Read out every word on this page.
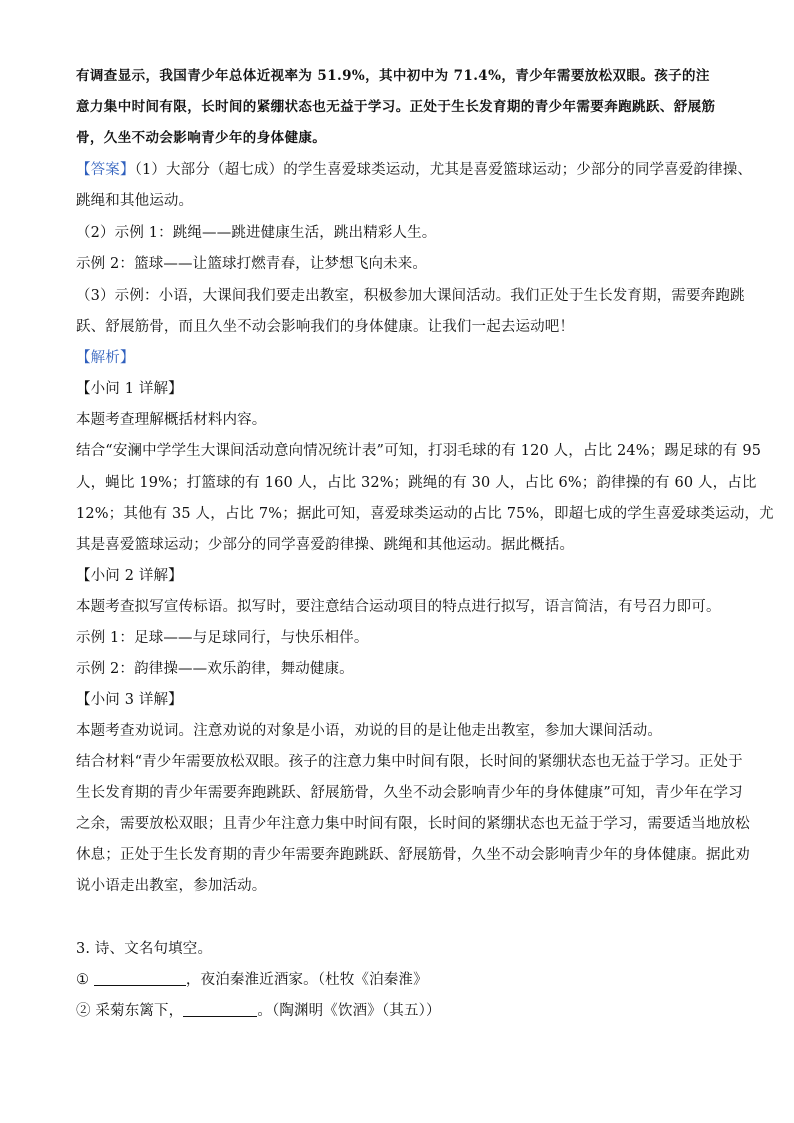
有调查显示，我国青少年总体近视率为 51.9%，其中初中为 71.4%，青少年需要放松双眼。孩子的注
意力集中时间有限，长时间的紧绷状态也无益于学习。正处于生长发育期的青少年需要奔跑跳跃、舒展筋
骨，久坐不动会影响青少年的身体健康。
【答案】（1）大部分（超七成）的学生喜爱球类运动，尤其是喜爱篮球运动；少部分的同学喜爱韵律操、
跳绳和其他运动。
（2）示例 1：跳绳——跳进健康生活，跳出精彩人生。
示例 2：篮球——让篮球打燃青春，让梦想飞向未来。
（3）示例：小语，大课间我们要走出教室，积极参加大课间活动。我们正处于生长发育期，需要奔跑跳
跃、舒展筋骨，而且久坐不动会影响我们的身体健康。让我们一起去运动吧！
【解析】
【小问 1 详解】
本题考查理解概括材料内容。
结合“安澜中学学生大课间活动意向情况统计表”可知，打羽毛球的有 120 人，占比 24%；踢足球的有 95
人，蝇比 19%；打篮球的有 160 人，占比 32%；跳绳的有 30 人，占比 6%；韵律操的有 60 人，占比
12%；其他有 35 人，占比 7%；据此可知，喜爱球类运动的占比 75%，即超七成的学生喜爱球类运动，尤
其是喜爱篮球运动；少部分的同学喜爱韵律操、跳绳和其他运动。据此概括。
【小问 2 详解】
本题考查拟写宣传标语。拟写时，要注意结合运动项目的特点进行拟写，语言简洁，有号召力即可。
示例 1：足球——与足球同行，与快乐相伴。
示例 2：韵律操——欢乐韵律，舞动健康。
【小问 3 详解】
本题考查劝说词。注意劝说的对象是小语，劝说的目的是让他走出教室，参加大课间活动。
结合材料“青少年需要放松双眼。孩子的注意力集中时间有限，长时间的紧绷状态也无益于学习。正处于
生长发育期的青少年需要奔跑跳跃、舒展筋骨，久坐不动会影响青少年的身体健康”可知，青少年在学习
之余，需要放松双眼；且青少年注意力集中时间有限，长时间的紧绷状态也无益于学习，需要适当地放松
休息；正处于生长发育期的青少年需要奔跑跳跃、舒展筋骨，久坐不动会影响青少年的身体健康。据此劝
说小语走出教室，参加活动。
3. 诗、文名句填空。
①	，夜泊秦淮近酒家。（杜牧《泊秦淮》
② 采菊东篱下，	。（陶渊明《饮酒》（其五））
